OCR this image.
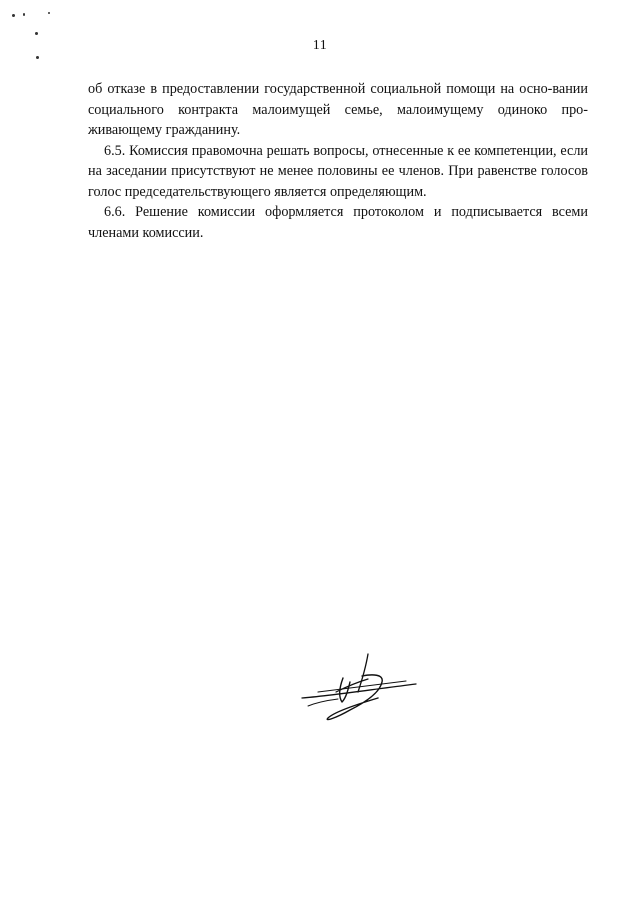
11

об отказе в предоставлении государственной социальной помощи на осно-вании социального контракта малоимущей семье, малоимущему одиноко про-живающему гражданину.

6.5. Комиссия правомочна решать вопросы, отнесенные к ее компетенции, если на заседании присутствуют не менее половины ее членов. При равенстве голосов голос председательствующего является определяющим.

6.6. Решение комиссии оформляется протоколом и подписывается всеми членами комиссии.
